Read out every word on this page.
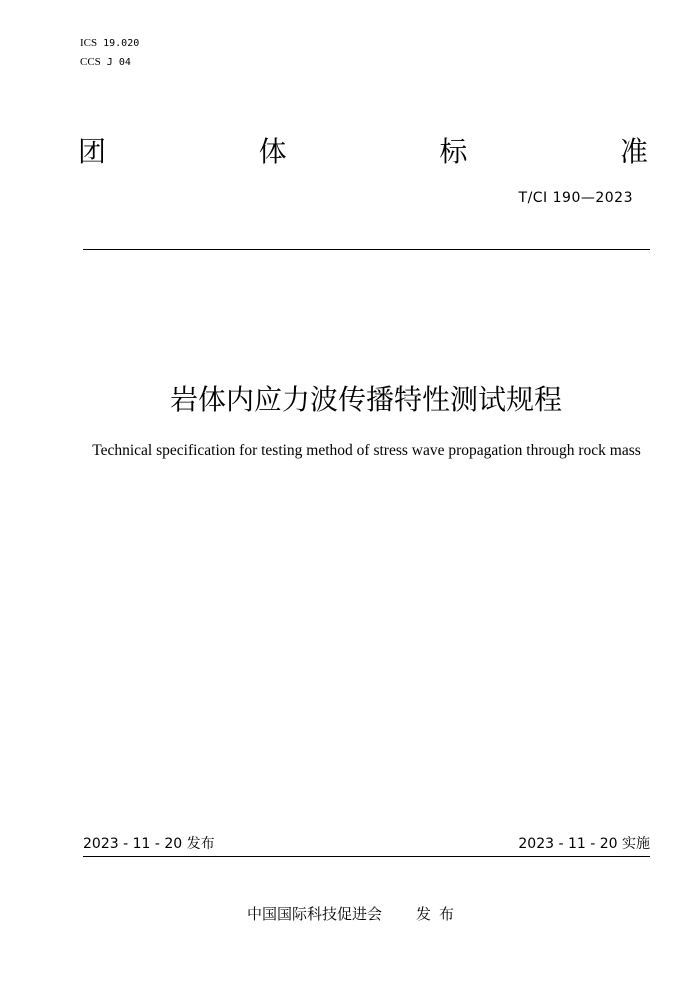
ICS 19.020
CCS J 04
团	体	标	准
T/CI 190—2023
岩体内应力波传播特性测试规程
Technical specification for testing method of stress wave propagation through rock mass
2023 - 11 - 20 发布	2023 - 11 - 20 实施
中国国际科技促进会 发布
